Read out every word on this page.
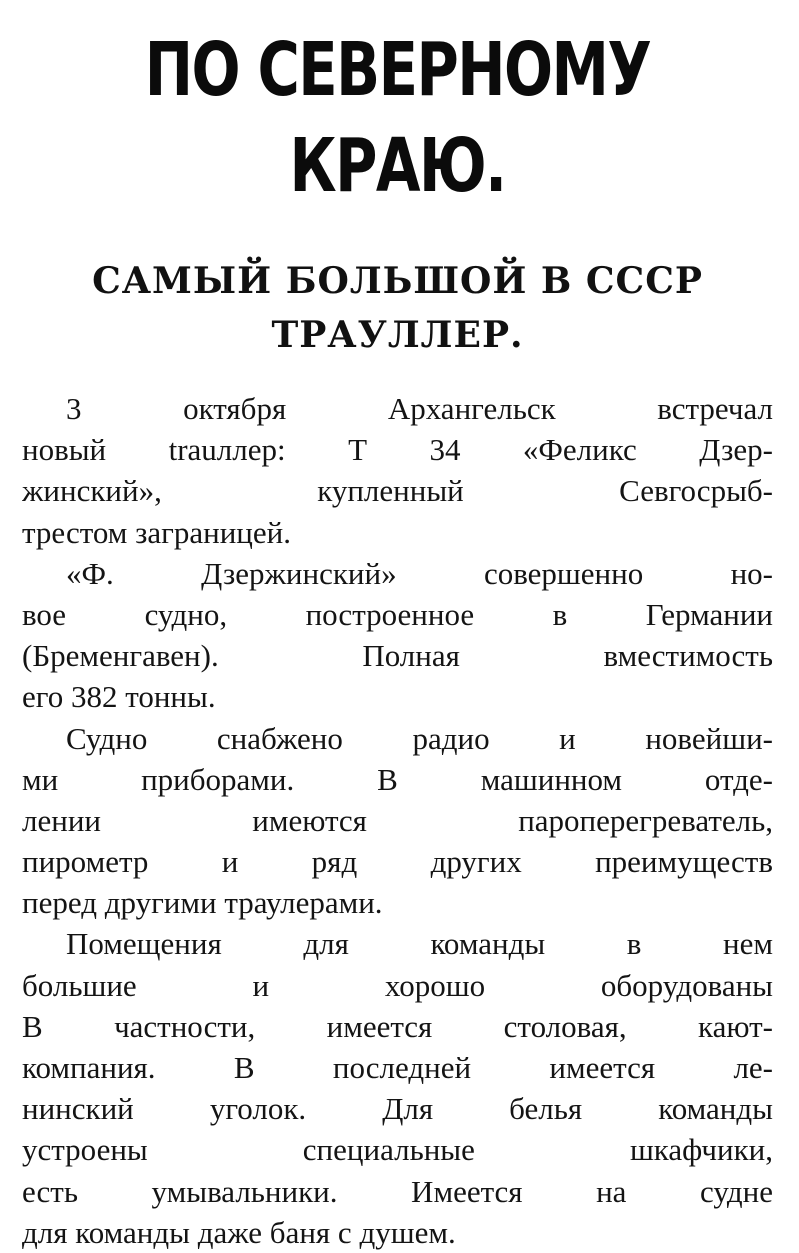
ПО СЕВЕРНОМУ КРАЮ.
САМЫЙ БОЛЬШОЙ В СССР
ТРАУЛЛЕР.
3 октября Архангельск встречал
новый trauллер: Т 34 «Феликс Дзер-
жинский», купленный Севгосрыб-
трестом заграницей.
«Ф. Дзержинский» совершенно но-
вое судно, построенное в Германии
(Бременгавен). Полная вместимость
его 382 тонны.
Судно снабжено радио и новейши-
ми приборами. В машинном отде-
лении имеются пароперегреватель,
пирометр и ряд других преимуществ
перед другими траулерами.
Помещения для команды в нем
большие и хорошо оборудованы
В частности, имеется столовая, кают-
компания. В последней имеется ле-
нинский уголок. Для белья команды
устроены специальные шкафчики,
есть умывальники. Имеется на судне
для команды даже баня с душем.
